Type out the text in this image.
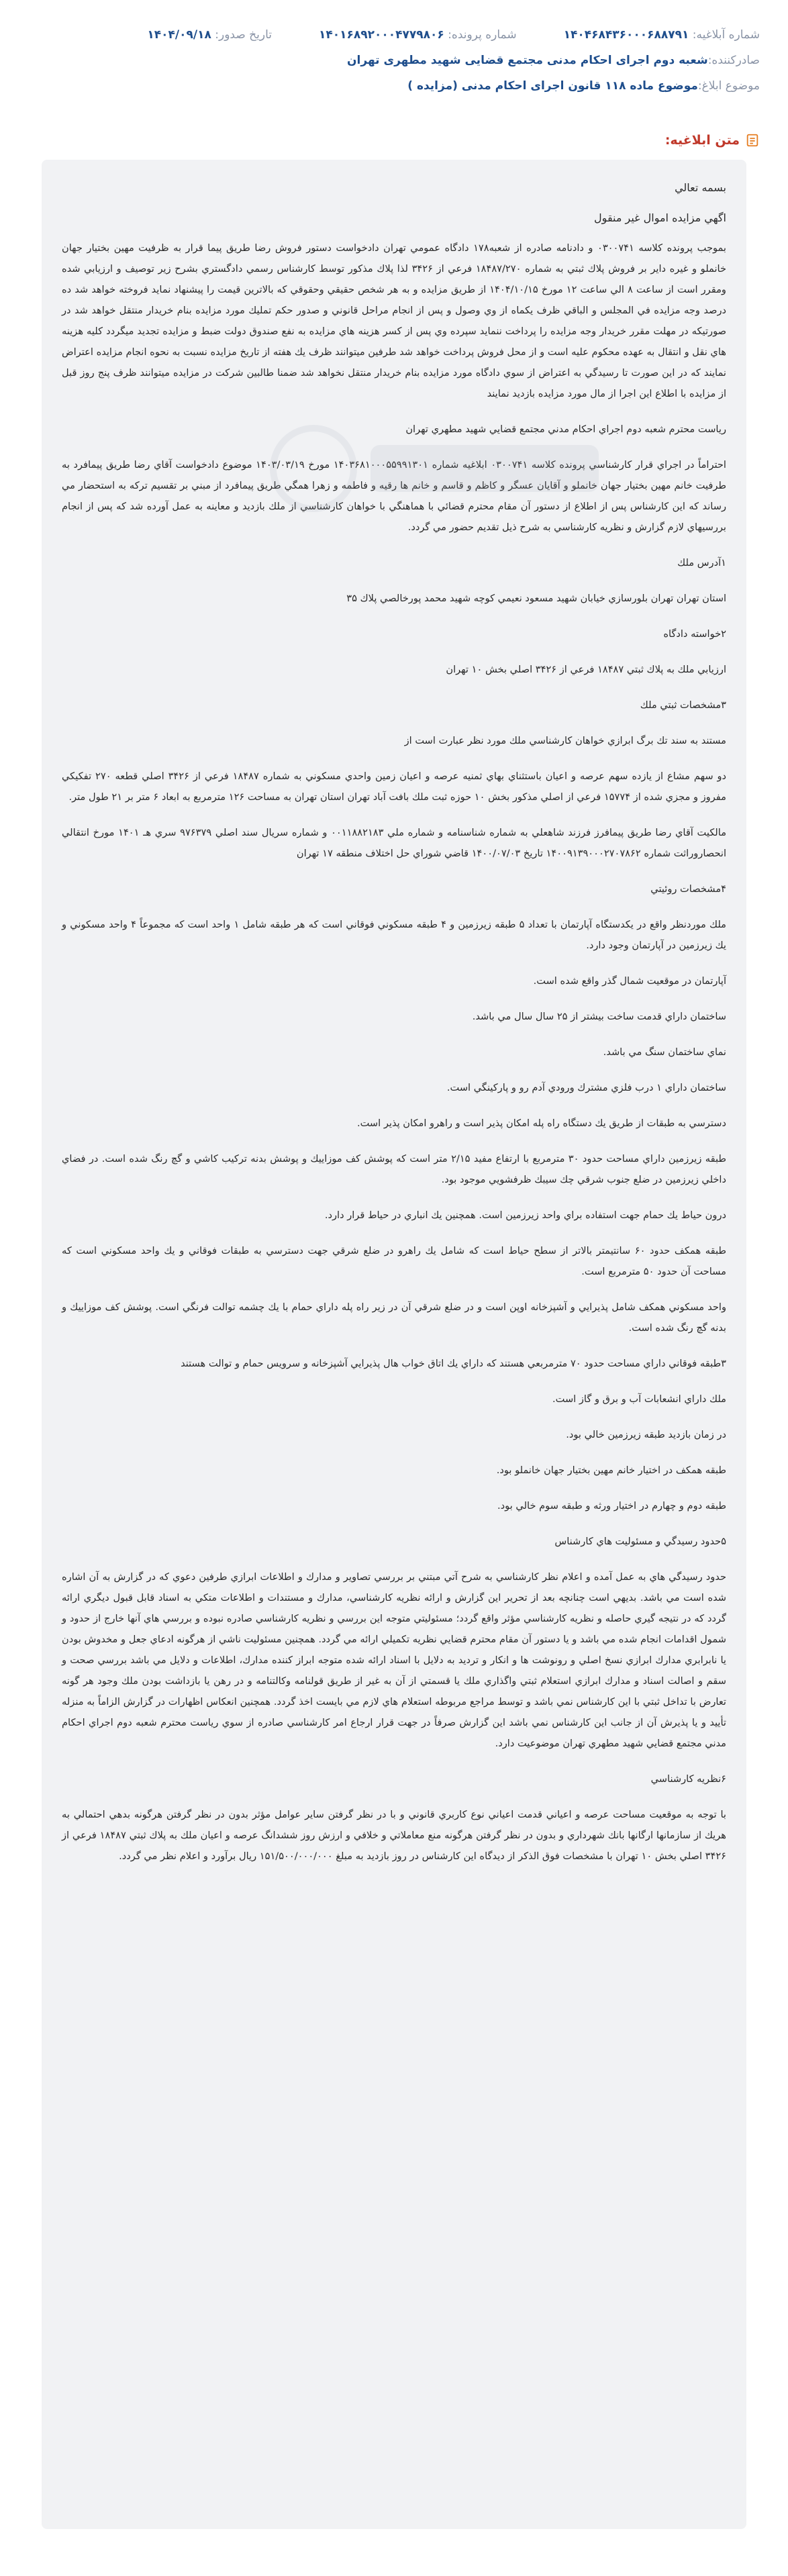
شماره آبلاغیه: ۱۴۰۴۶۸۴۳۶۰۰۰۶۸۸۷۹۱
شماره پرونده: ۱۴۰۱۶۸۹۲۰۰۰۴۷۷۹۸۰۶
تاریخ صدور: ۱۴۰۴/۰۹/۱۸
صادرکننده:
شعبه دوم اجرای احکام مدنی مجتمع قضایی شهید مطهری تهران
موضوع ابلاغ:
موضوع ماده ۱۱۸ قانون اجرای احکام مدنی (مزایده )
متن ابلاغیه:

بسمه تعالي

اگهي مزايده اموال غير منقول

بموجب پرونده كلاسه ۰۳۰۰۷۴۱ و دادنامه صادره از شعبه۱۷۸ دادگاه عمومي تهران دادخواست دستور فروش رضا طريق پيما قرار به ظرفيت مهين بختيار جهان خانملو و غيره داير بر فروش پلاك ثبتي به شماره ۱۸۴۸۷/۲۷۰ فرعي از ۳۴۲۶ لذا پلاك مذكور توسط كارشناس رسمي دادگستري بشرح زير توصيف و ارزيابي شده ومقرر است از ساعت ۸ الي ساعت ۱۲ مورخ ۱۴۰۴/۱۰/۱۵ از طريق مزايده و به هر شخص حقيقي وحقوقي كه بالاترين قيمت را پيشنهاد نمايد فروخته خواهد شد ده درصد وجه مزايده في المجلس و الباقي ظرف يكماه از وي وصول و پس از انجام مراحل قانوني و صدور حكم تمليك مورد مزايده بنام خريدار منتقل خواهد شد در صورتيكه در مهلت مقرر خريدار وجه مزايده را پرداخت ننمايد سپرده وي پس از كسر هزينه هاي مزايده به نفع صندوق دولت ضبط و مزايده تجديد ميگردد كليه هزينه هاي نقل و انتقال به عهده محكوم عليه است و از محل فروش پرداخت خواهد شد طرفين ميتوانند ظرف يك هفته از تاريخ مزايده نسبت به نحوه انجام مزايده اعتراض نمايند كه در اين صورت تا رسيدگي به اعتراض از سوي دادگاه مورد مزايده بنام خريدار منتقل نخواهد شد ضمنا طالبين شركت در مزايده ميتوانند ظرف پنج روز قبل از مزايده با اطلاع اين اجرا از مال مورد مزايده بازديد نمايند

رياست محترم شعبه دوم اجراي احكام مدني مجتمع قضايي شهيد مطهري تهران

احتراماً در اجراي قرار كارشناسي پرونده كلاسه ۰۳۰۰۷۴۱ ابلاغيه شماره ۱۴۰۳۶۸۱۰۰۰۵۵۹۹۱۳۰۱ مورخ ۱۴۰۳/۰۳/۱۹ موضوع دادخواست آقاي رضا طريق پيمافرد به طرفيت خانم مهين بختيار جهان خانملو و آقايان عسگر و كاظم و قاسم و خانم ها رقيه و فاطمه و زهرا همگي طريق پيمافرد از مبني بر تقسيم تركه به استحضار مي رساند كه اين كارشناس پس از اطلاع از دستور آن مقام محترم قضائي با هماهنگي با خواهان كارشناسي از ملك بازديد و معاينه به عمل آورده شد كه پس از انجام بررسيهاي لازم گزارش و نظريه كارشناسي به شرح ذيل تقديم حضور مي گردد.

۱آدرس ملك

استان تهران تهران بلورسازي خيابان شهيد مسعود نعيمي كوچه شهيد محمد پورخالصي پلاك ۳۵

۲خواسته دادگاه

ارزيابي ملك به پلاك ثبتي ۱۸۴۸۷ فرعي از ۳۴۲۶ اصلي بخش ۱۰ تهران

۳مشخصات ثبتي ملك

مستند به سند تك برگ ابرازي خواهان كارشناسي ملك مورد نظر عبارت است از

دو سهم مشاع از يازده سهم عرصه و اعيان باستثناي بهاي ثمنيه عرصه و اعيان زمين واحدي مسكوني به شماره ۱۸۴۸۷ فرعي از ۳۴۲۶ اصلي قطعه ۲۷۰ تفكيكي مفروز و مجزي شده از ۱۵۷۷۴ فرعي از اصلي مذكور بخش ۱۰ حوزه ثبت ملك بافت آباد تهران استان تهران به مساحت ۱۲۶ مترمربع به ابعاد ۶ متر بر ۲۱ طول متر.

مالكيت آقاي رضا طريق پيمافرز فرزند شاهعلي به شماره شناسنامه و شماره ملي ۰۰۱۱۸۸۲۱۸۳ و شماره سريال سند اصلي ۹۷۶۳۷۹ سري هـ ۱۴۰۱ مورخ انتقالي انحصاروراثت شماره ۱۴۰۰۹۱۳۹۰۰۰۲۷۰۷۸۶۲ تاريخ ۱۴۰۰/۰۷/۰۳ قاضي شوراي حل اختلاف منطقه ۱۷ تهران

۴مشخصات روئيتي

ملك موردنظر واقع در يكدستگاه آپارتمان با تعداد ۵ طبقه زيرزمين و ۴ طبقه مسكوني فوقاني است كه هر طبقه شامل ۱ واحد است كه مجموعاً ۴ واحد مسكوني و يك زيرزمين در آپارتمان وجود دارد.

آپارتمان در موقعيت شمال گذر واقع شده است.

ساختمان داراي قدمت ساخت بيشتر از ۲۵ سال سال مي باشد.

نماي ساختمان سنگ مي باشد.

ساختمان داراي ۱ درب فلزي مشترك ورودي آدم رو و پاركينگي است.

دسترسي به طبقات از طريق يك دستگاه راه پله امكان پذير است و راهرو امكان پذير است.

طبقه زيرزمين داراي مساحت حدود ۳۰ مترمربع با ارتفاع مفيد ۲/۱۵ متر است كه پوشش كف موزاييك و پوشش بدنه تركيب كاشي و گچ رنگ شده است. در فضاي داخلي زيرزمين در ضلع جنوب شرقي چك سيبك ظرفشويي موجود بود.

درون حياط يك حمام جهت استفاده براي واحد زيرزمين است. همچنين يك انباري در حياط قرار دارد.

طبقه همكف حدود ۶۰ سانتيمتر بالاتر از سطح حياط است كه شامل يك راهرو در ضلع شرقي جهت دسترسي به طبقات فوقاني و يك واحد مسكوني است كه مساحت آن حدود ۵۰ مترمربع است.

واحد مسكوني همكف شامل پذيرايي و آشپزخانه اوپن است و در ضلع شرقي آن در زير راه پله داراي حمام با يك چشمه توالت فرنگي است. پوشش كف موزاييك و بدنه گچ رنگ شده است.

۳طبقه فوقاني داراي مساحت حدود ۷۰ مترمربعي هستند كه داراي يك اتاق خواب هال پذيرايي آشپزخانه و سرويس حمام و توالت هستند

ملك داراي انشعابات آب و برق و گاز است.

در زمان بازديد طبقه زيرزمين خالي بود.

طبقه همكف در اختيار خانم مهين بختيار جهان خانملو بود.

طبقه دوم و چهارم در اختيار ورثه و طبقه سوم خالي بود.

۵حدود رسيدگي و مسئوليت هاي كارشناس

حدود رسيدگي هاي به عمل آمده و اعلام نظر كارشناسي به شرح آتي مبتني بر بررسي تصاوير و مدارك و اطلاعات ابرازي طرفين دعوي كه در گزارش به آن اشاره شده است مي باشد. بديهي است چنانچه بعد از تحرير اين گزارش و ارائه نظريه كارشناسي، مدارك و مستندات و اطلاعات متكي به اسناد قابل قبول ديگري ارائه گردد كه در نتيجه گيري حاصله و نظريه كارشناسي مؤثر واقع گردد؛ مسئوليتي متوجه اين بررسي و نظريه كارشناسي صادره نبوده و بررسي هاي آنها خارج از حدود و شمول اقدامات انجام شده مي باشد و يا دستور آن مقام محترم قضايي نظريه تكميلي ارائه مي گردد. همچنين مسئوليت ناشي از هرگونه ادعاي جعل و مخدوش بودن يا نابرابري مدارك ابرازي نسخ اصلي و رونوشت ها و انكار و ترديد به دلايل با اسناد ارائه شده متوجه ابراز كننده مدارك، اطلاعات و دلايل مي باشد بررسي صحت و سقم و اصالت اسناد و مدارك ابرازي استعلام ثبتي واگذاري ملك يا قسمتي از آن به غير از طريق قولنامه وكالتنامه و در رهن يا بازداشت بودن ملك وجود هر گونه تعارض با تداخل ثبتي با اين كارشناس نمي باشد و توسط مراجع مربوطه استعلام هاي لازم مي بايست اخذ گردد. همچنين انعكاس اظهارات در گزارش الزاماً به منزله تأييد و يا پذيرش آن از جانب اين كارشناس نمي باشد اين گزارش صرفاً در جهت قرار ارجاع امر كارشناسي صادره از سوي رياست محترم شعبه دوم اجراي احكام مدني مجتمع قضايي شهيد مطهري تهران موضوعيت دارد.

۶نظريه كارشناسي

با توجه به موقعيت مساحت عرصه و اعياني قدمت اعياني نوع كاربري قانوني و با در نظر گرفتن ساير عوامل مؤثر بدون در نظر گرفتن هرگونه بدهي احتمالي به هريك از سازمانها ارگانها بانك شهرداري و بدون در نظر گرفتن هرگونه منع معاملاتي و خلافي و ارزش روز ششدانگ عرصه و اعيان ملك به پلاك ثبتي ۱۸۴۸۷ فرعي از ۳۴۲۶ اصلي بخش ۱۰ تهران با مشخصات فوق الذكر از ديدگاه اين كارشناس در روز بازديد به مبلغ ۱۵۱/۵۰۰/۰۰۰/۰۰۰ ريال برآورد و اعلام نظر مي گردد.
